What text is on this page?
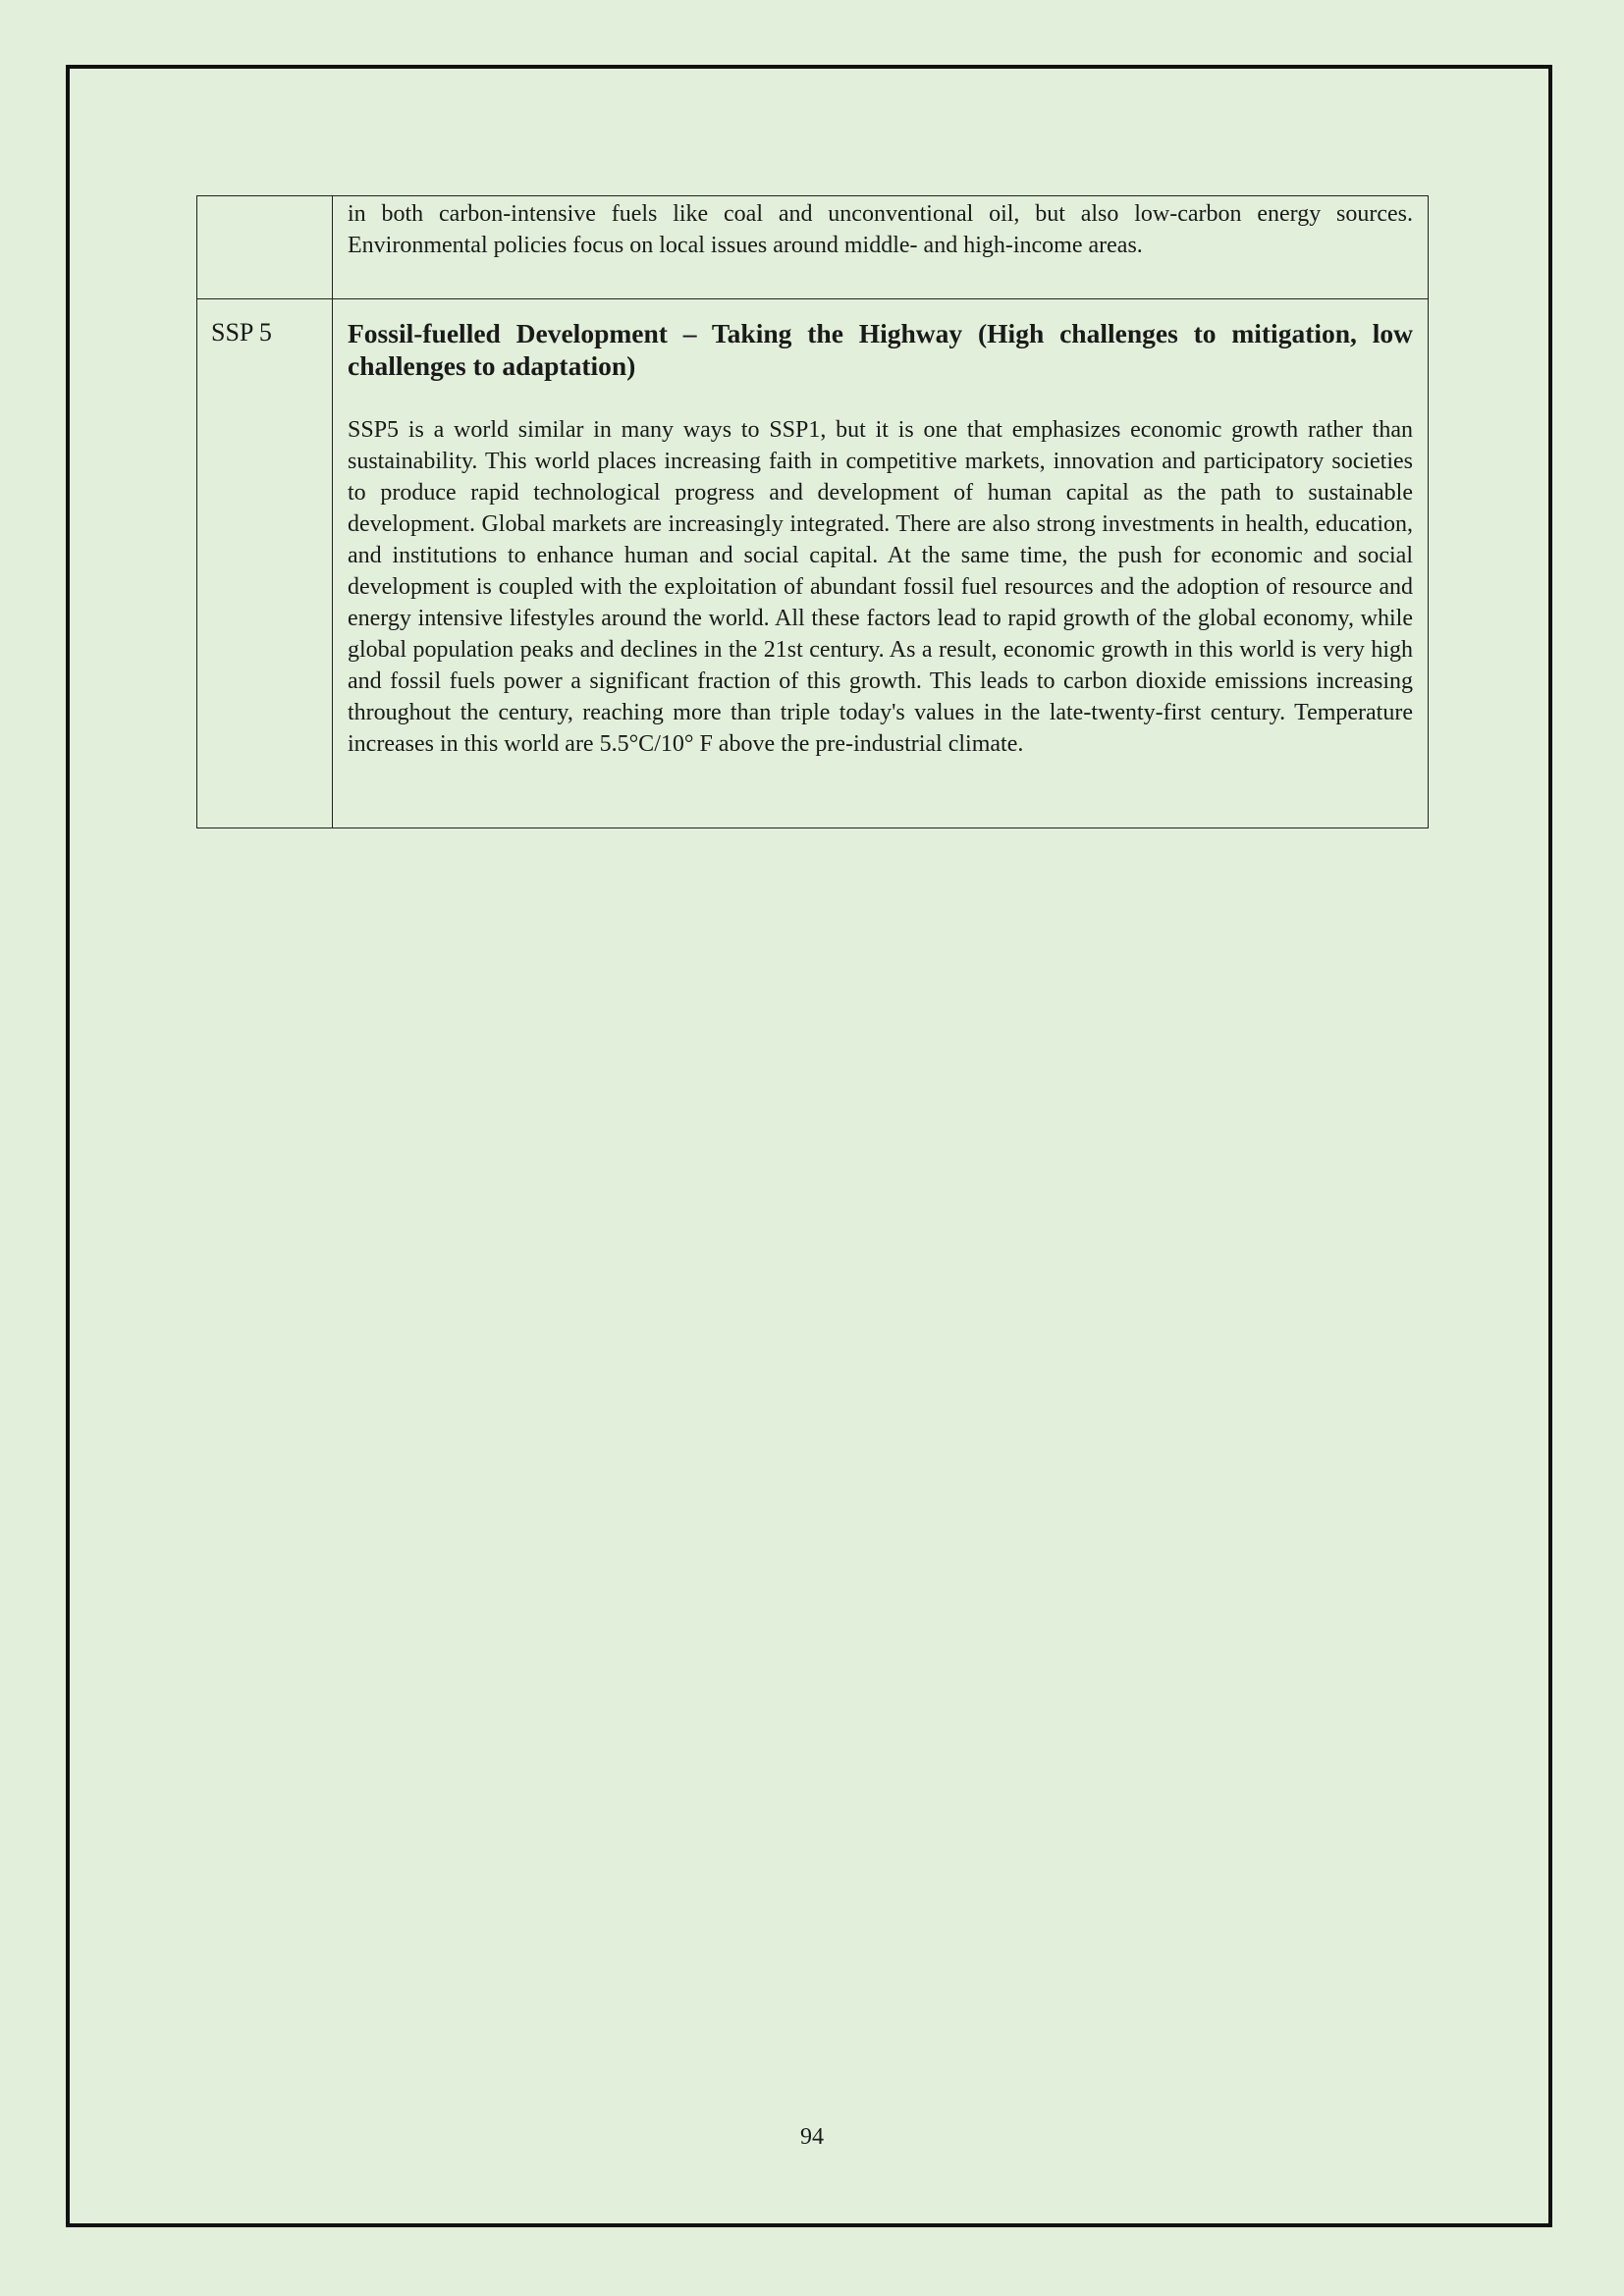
	in both carbon-intensive fuels like coal and unconventional oil, but also low-carbon energy sources. Environmental policies focus on local issues around middle- and high-income areas.

SSP 5	Fossil-fuelled Development – Taking the Highway (High challenges to mitigation, low challenges to adaptation)

SSP5 is a world similar in many ways to SSP1, but it is one that emphasizes economic growth rather than sustainability. This world places increasing faith in competitive markets, innovation and participatory societies to produce rapid technological progress and development of human capital as the path to sustainable development. Global markets are increasingly integrated. There are also strong investments in health, education, and institutions to enhance human and social capital. At the same time, the push for economic and social development is coupled with the exploitation of abundant fossil fuel resources and the adoption of resource and energy intensive lifestyles around the world. All these factors lead to rapid growth of the global economy, while global population peaks and declines in the 21st century. As a result, economic growth in this world is very high and fossil fuels power a significant fraction of this growth. This leads to carbon dioxide emissions increasing throughout the century, reaching more than triple today's values in the late-twenty-first century. Temperature increases in this world are 5.5°C/10° F above the pre-industrial climate.

94
